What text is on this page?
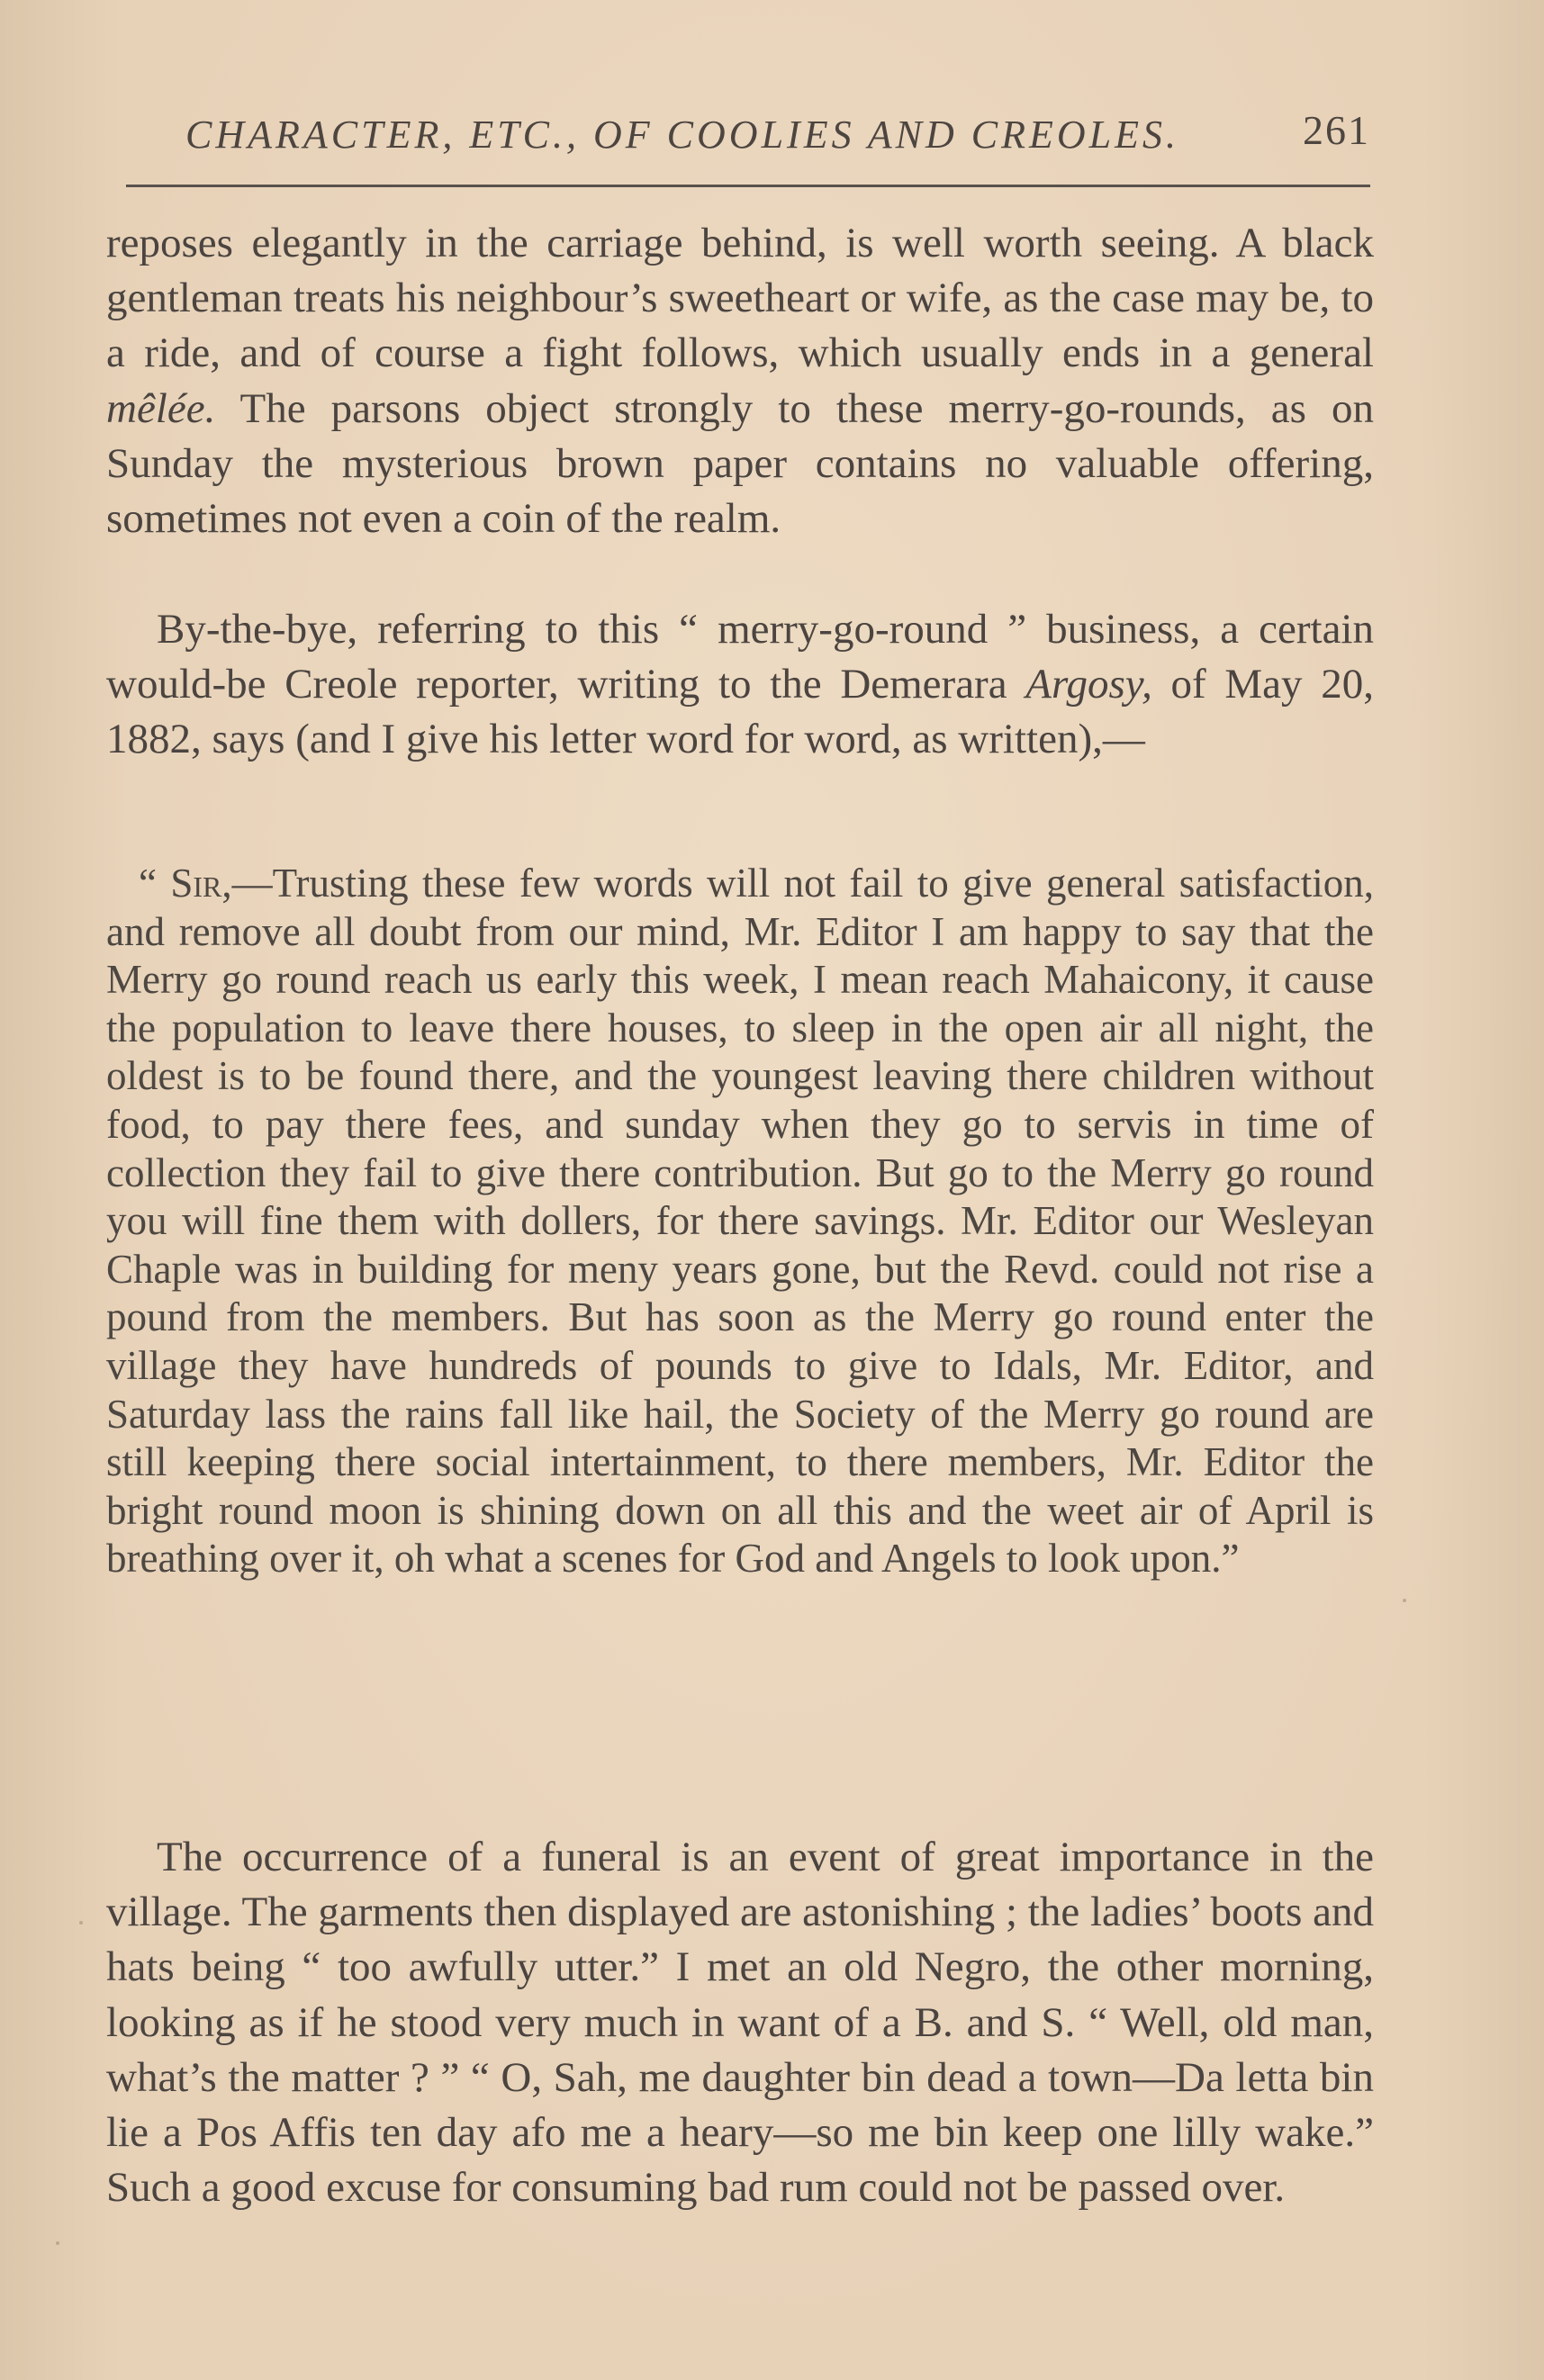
CHARACTER, ETC., OF COOLIES AND CREOLES.	261

reposes elegantly in the carriage behind, is well worth seeing. A black gentleman treats his neighbour’s sweetheart or wife, as the case may be, to a ride, and of course a fight follows, which usually ends in a general mêlée. The parsons object strongly to these merry-go-rounds, as on Sunday the mysterious brown paper contains no valuable offering, sometimes not even a coin of the realm.

By-the-bye, referring to this “ merry-go-round ” business, a certain would-be Creole reporter, writing to the Demerara Argosy, of May 20, 1882, says (and I give his letter word for word, as written),—

“ Sir,—Trusting these few words will not fail to give general satisfaction, and remove all doubt from our mind, Mr. Editor I am happy to say that the Merry go round reach us early this week, I mean reach Mahaicony, it cause the population to leave there houses, to sleep in the open air all night, the oldest is to be found there, and the youngest leaving there children without food, to pay there fees, and sunday when they go to servis in time of collection they fail to give there contribution. But go to the Merry go round you will fine them with dollers, for there savings. Mr. Editor our Wesleyan Chaple was in building for meny years gone, but the Revd. could not rise a pound from the members. But has soon as the Merry go round enter the village they have hundreds of pounds to give to Idals, Mr. Editor, and Saturday lass the rains fall like hail, the Society of the Merry go round are still keeping there social intertainment, to there members, Mr. Editor the bright round moon is shining down on all this and the weet air of April is breathing over it, oh what a scenes for God and Angels to look upon.”

The occurrence of a funeral is an event of great importance in the village. The garments then displayed are astonishing ; the ladies’ boots and hats being “ too awfully utter.” I met an old Negro, the other morning, looking as if he stood very much in want of a B. and S. “ Well, old man, what’s the matter ? ” “ O, Sah, me daughter bin dead a town—Da letta bin lie a Pos Affis ten day afo me a heary—so me bin keep one lilly wake.” Such a good excuse for consuming bad rum could not be passed over.
